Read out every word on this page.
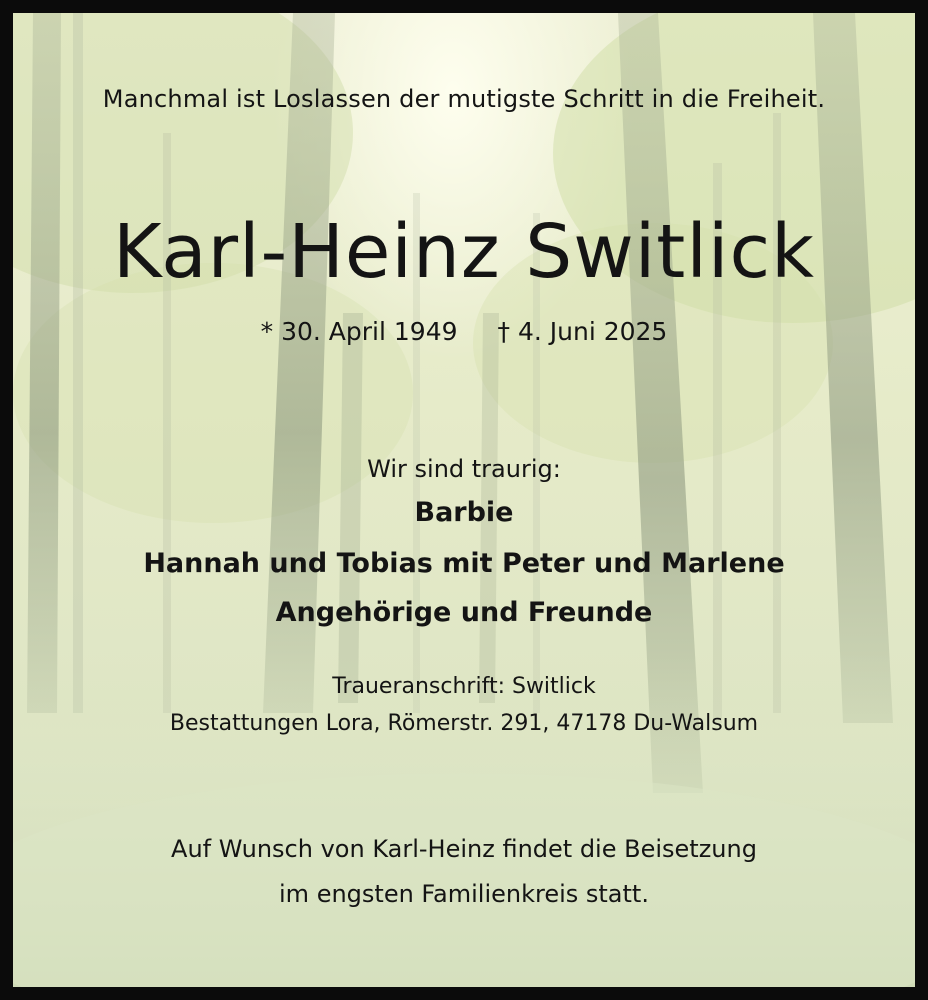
Manchmal ist Loslassen der mutigste Schritt in die Freiheit.
Karl-Heinz Switlick
* 30. April 1949 † 4. Juni 2025
Wir sind traurig:
Barbie
Hannah und Tobias mit Peter und Marlene
Angehörige und Freunde
Traueranschrift: Switlick
Bestattungen Lora, Römerstr. 291, 47178 Du-Walsum
Auf Wunsch von Karl-Heinz findet die Beisetzung
im engsten Familienkreis statt.
